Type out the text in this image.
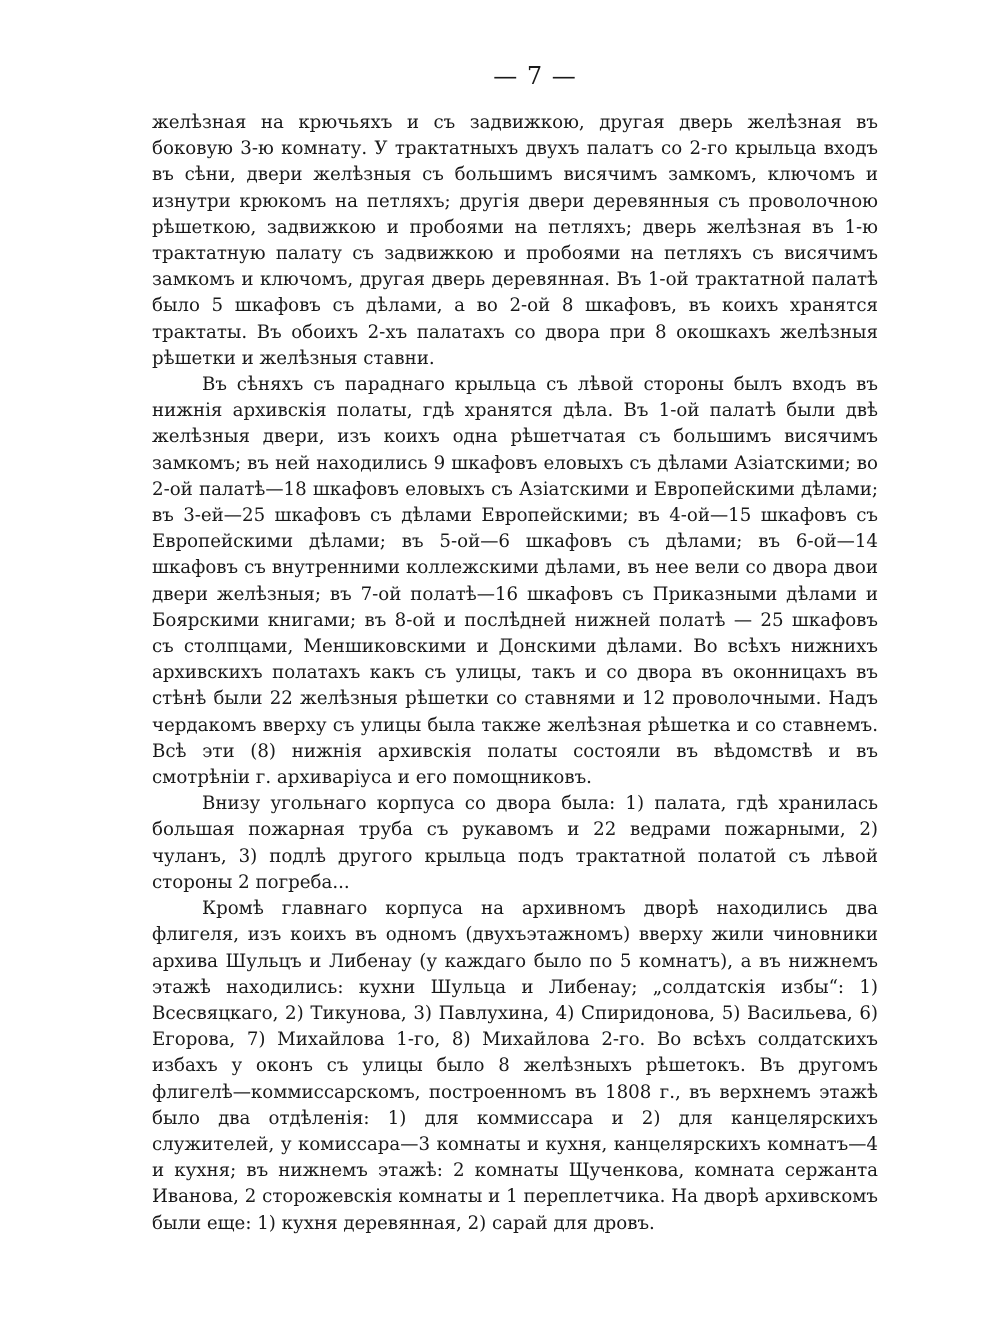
— 7 —

желѣзная на крючьяхъ и съ задвижкою, другая дверь желѣзная въ боковую 3-ю комнату. У трактатныхъ двухъ палатъ со 2-го крыльца входъ въ сѣни, двери желѣзныя съ большимъ висячимъ замкомъ, ключомъ и изнутри крюкомъ на петляхъ; другія двери деревянныя съ проволочною рѣшеткою, задвижкою и пробоями на петляхъ; дверь желѣзная въ 1-ю трактатную палату съ задвижкою и пробоями на петляхъ съ висячимъ замкомъ и ключомъ, другая дверь деревянная. Въ 1-ой трактатной палатѣ было 5 шкафовъ съ дѣлами, а во 2-ой 8 шкафовъ, въ коихъ хранятся трактаты. Въ обоихъ 2-хъ палатахъ со двора при 8 окошкахъ желѣзныя рѣшетки и желѣзныя ставни.

Въ сѣняхъ съ параднаго крыльца съ лѣвой стороны былъ входъ въ нижнія архивскія полаты, гдѣ хранятся дѣла. Въ 1-ой палатѣ были двѣ желѣзныя двери, изъ коихъ одна рѣшетчатая съ большимъ висячимъ замкомъ; въ ней находились 9 шкафовъ еловыхъ съ дѣлами Азіатскими; во 2-ой палатѣ—18 шкафовъ еловыхъ съ Азіатскими и Европейскими дѣлами; въ 3-ей—25 шкафовъ съ дѣлами Европейскими; въ 4-ой—15 шкафовъ съ Европейскими дѣлами; въ 5-ой—6 шкафовъ съ дѣлами; въ 6-ой—14 шкафовъ съ внутренними коллежскими дѣлами, въ нее вели со двора двои двери желѣзныя; въ 7-ой полатѣ—16 шкафовъ съ Приказными дѣлами и Боярскими книгами; въ 8-ой и послѣдней нижней полатѣ — 25 шкафовъ съ столпцами, Меншиковскими и Донскими дѣлами. Во всѣхъ нижнихъ архивскихъ полатахъ какъ съ улицы, такъ и со двора въ оконницахъ въ стѣнѣ были 22 желѣзныя рѣшетки со ставнями и 12 проволочными. Надъ чердакомъ вверху съ улицы была также желѣзная рѣшетка и со ставнемъ. Всѣ эти (8) нижнія архивскія полаты состояли въ вѣдомствѣ и въ смотрѣніи г. архиваріуса и его помощниковъ.

Внизу угольнаго корпуса со двора была: 1) палата, гдѣ хранилась большая пожарная труба съ рукавомъ и 22 ведрами пожарными, 2) чуланъ, 3) подлѣ другого крыльца подъ трактатной полатой съ лѣвой стороны 2 погреба...

Кромѣ главнаго корпуса на архивномъ дворѣ находились два флигеля, изъ коихъ въ одномъ (двухъэтажномъ) вверху жили чиновники архива Шульцъ и Либенау (у каждаго было по 5 комнатъ), а въ нижнемъ этажѣ находились: кухни Шульца и Либенау; „солдатскія избы“: 1) Всесвяцкаго, 2) Тикунова, 3) Павлухина, 4) Спиридонова, 5) Васильева, 6) Егорова, 7) Михайлова 1-го, 8) Михайлова 2-го. Во всѣхъ солдатскихъ избахъ у оконъ съ улицы было 8 желѣзныхъ рѣшетокъ. Въ другомъ флигелѣ—коммиссарскомъ, построенномъ въ 1808 г., въ верхнемъ этажѣ было два отдѣленія: 1) для коммиссара и 2) для канцелярскихъ служителей, у комиссара—3 комнаты и кухня, канцелярскихъ комнатъ—4 и кухня; въ нижнемъ этажѣ: 2 комнаты Щученкова, комната сержанта Иванова, 2 сторожевскія комнаты и 1 переплетчика. На дворѣ архивскомъ были еще: 1) кухня деревянная, 2) сарай для дровъ.
